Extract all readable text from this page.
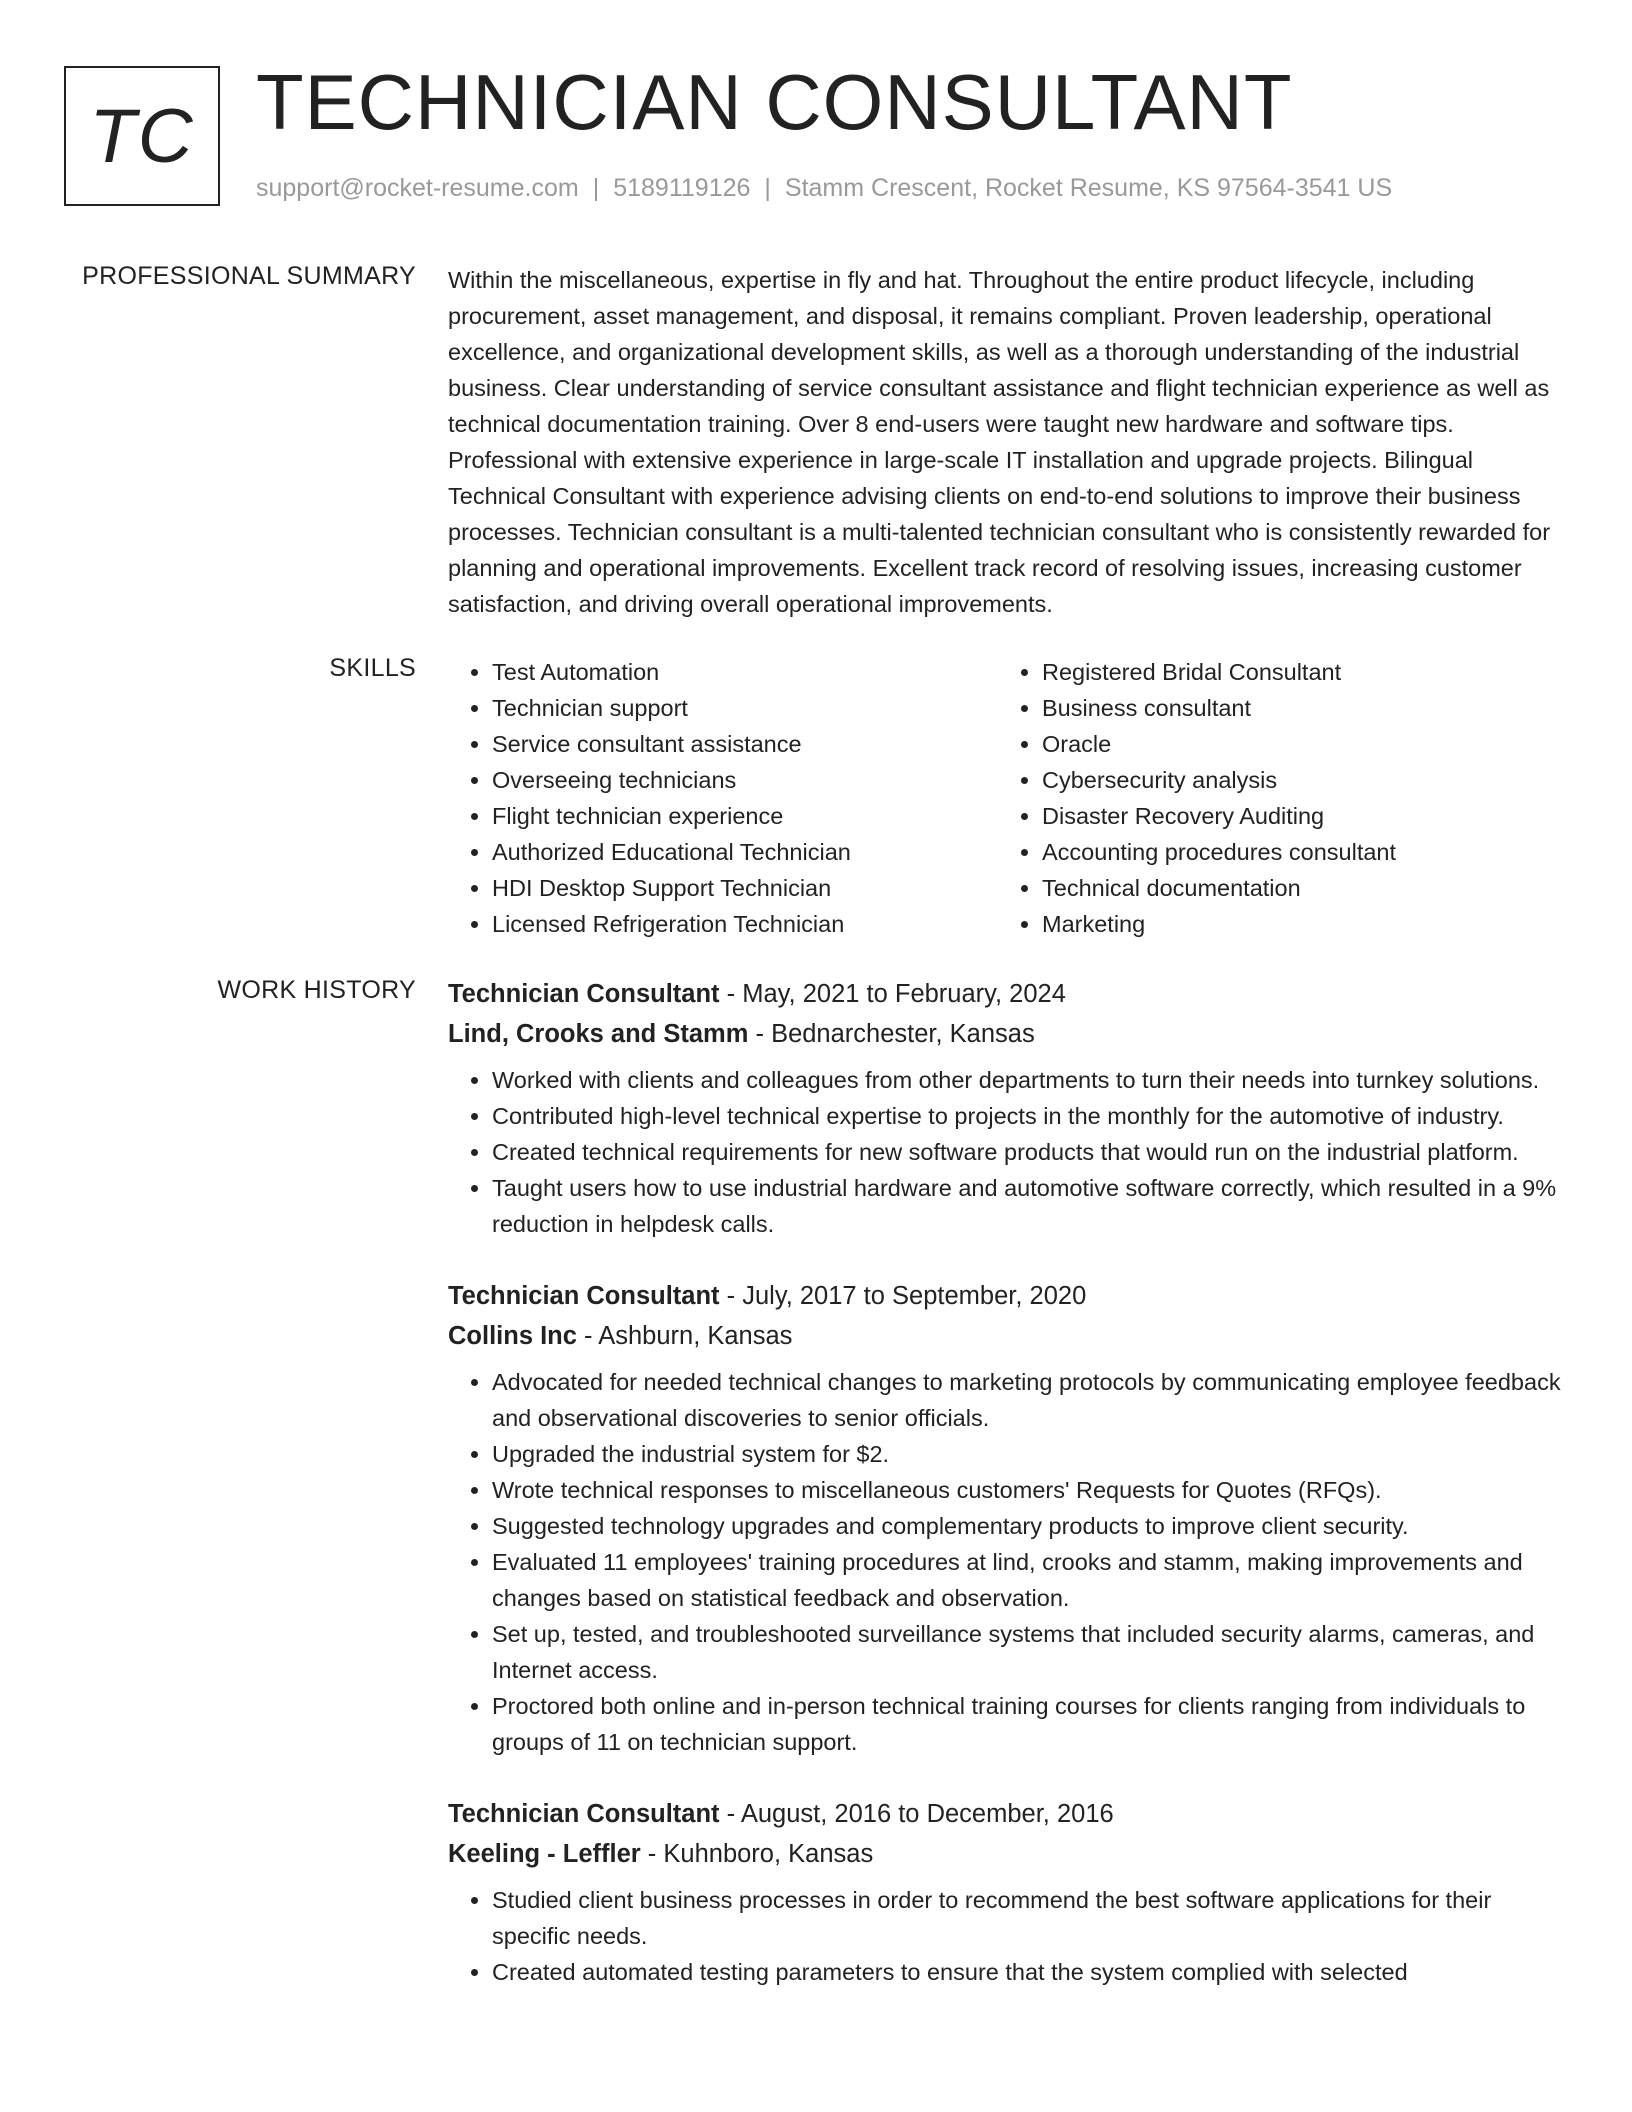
TC TECHNICIAN CONSULTANT
support@rocket-resume.com | 5189119126 | Stamm Crescent, Rocket Resume, KS 97564-3541 US
PROFESSIONAL SUMMARY Within the miscellaneous, expertise in fly and hat. Throughout the entire product lifecycle, including procurement, asset management, and disposal, it remains compliant. Proven leadership, operational excellence, and organizational development skills, as well as a thorough understanding of the industrial business. Clear understanding of service consultant assistance and flight technician experience as well as technical documentation training. Over 8 end-users were taught new hardware and software tips. Professional with extensive experience in large-scale IT installation and upgrade projects. Bilingual Technical Consultant with experience advising clients on end-to-end solutions to improve their business processes. Technician consultant is a multi-talented technician consultant who is consistently rewarded for planning and operational improvements. Excellent track record of resolving issues, increasing customer satisfaction, and driving overall operational improvements.

SKILLS
•	Test Automation
• Technician support
• Service consultant assistance
• Overseeing technicians
• Flight technician experience
• Authorized Educational Technician
• HDI Desktop Support Technician
• Licensed Refrigeration Technician
• Registered Bridal Consultant
• Business consultant
• Oracle
• Cybersecurity analysis
• Disaster Recovery Auditing
• Accounting procedures consultant
• Technical documentation
• Marketing
WORK HISTORY Technician Consultant - May, 2021 to February, 2024
Lind, Crooks and Stamm - Bednarchester, Kansas
• Worked with clients and colleagues from other departments to turn their needs into turnkey solutions.
• Contributed high-level technical expertise to projects in the monthly for the automotive of industry.
• Created technical requirements for new software products that would run on the industrial platform.
• Taught users how to use industrial hardware and automotive software correctly, which resulted in a 9% reduction in helpdesk calls.
Technician Consultant - July, 2017 to September, 2020
Collins Inc - Ashburn, Kansas
• Advocated for needed technical changes to marketing protocols by communicating employee feedback and observational discoveries to senior officials.
• Upgraded the industrial system for $2.
• Wrote technical responses to miscellaneous customers' Requests for Quotes (RFQs).
• Suggested technology upgrades and complementary products to improve client security.
• Evaluated 11 employees' training procedures at lind, crooks and stamm, making improvements and changes based on statistical feedback and observation.
• Set up, tested, and troubleshooted surveillance systems that included security alarms, cameras, and Internet access.
• Proctored both online and in-person technical training courses for clients ranging from individuals to groups of 11 on technician support.
Technician Consultant - August, 2016 to December, 2016
Keeling - Leffler - Kuhnboro, Kansas
• Studied client business processes in order to recommend the best software applications for their specific needs.
• Created automated testing parameters to ensure that the system complied with selected
